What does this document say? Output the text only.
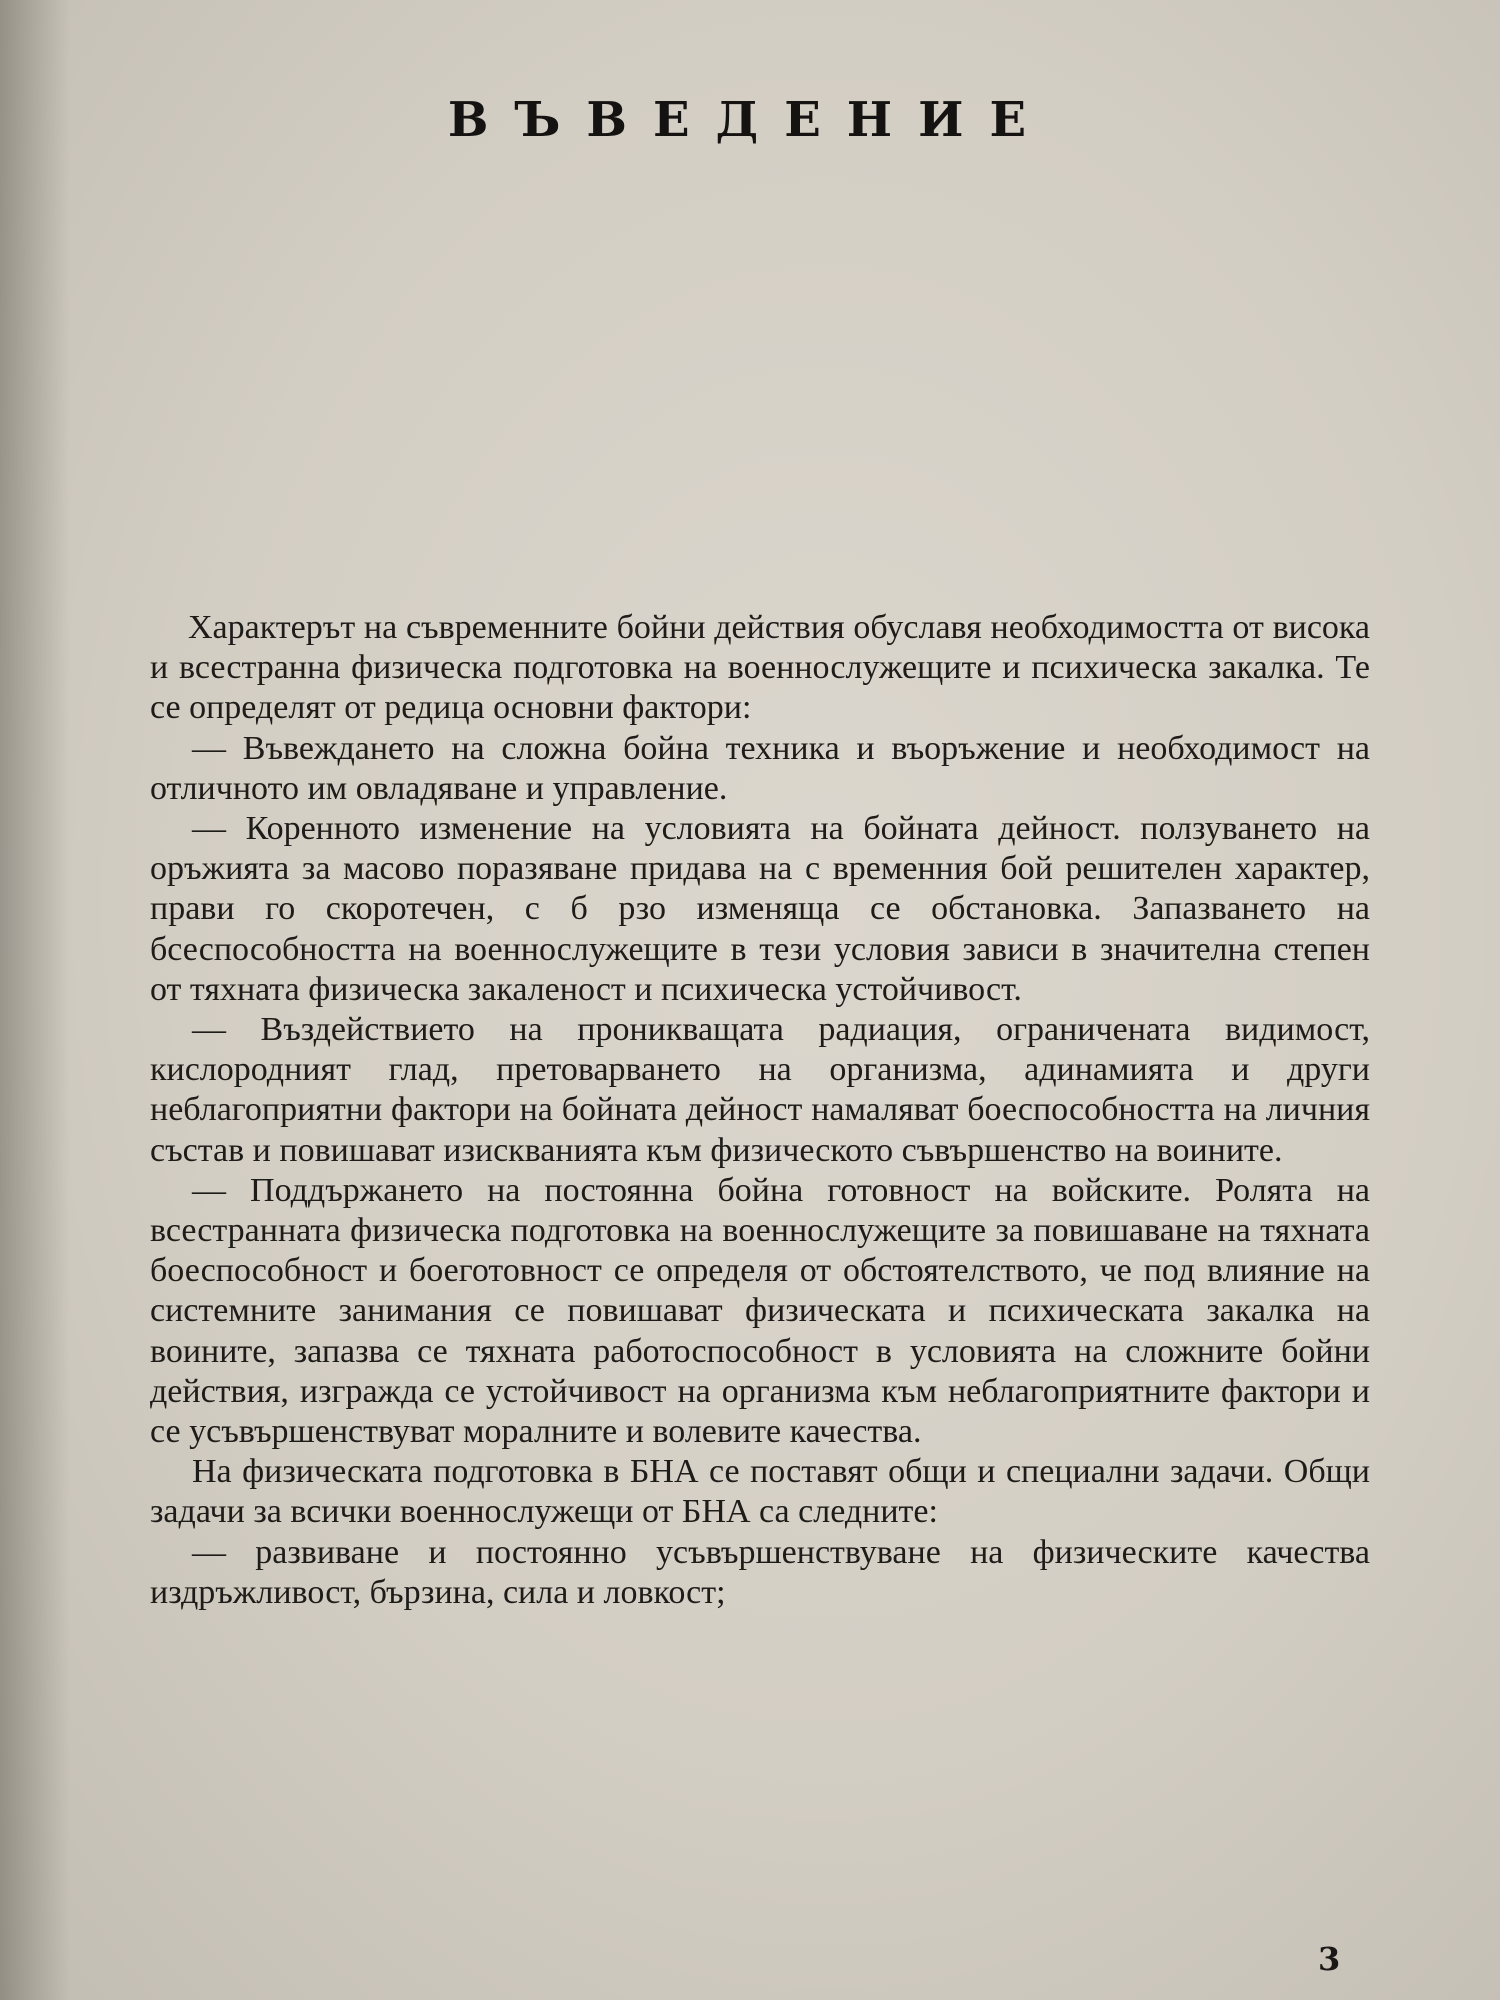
ВЪВЕДЕНИЕ

Характерът на съвременните бойни действия обуславя необходимостта от висока и всестранна физическа подготовка на военнослужещите и психическа закалка. Те се определят от редица основни фактори:

— Въвеждането на сложна бойна техника и въоръжение и необходимост на отличното им овладяване и управление.

— Коренното изменение на условията на бойната дейност. ползуването на оръжията за масово поразяване придава на с временния бой решителен характер, прави го скоротечен, с б рзо изменяща се обстановка. Запазването на бсеспособността на военнослужещите в тези условия зависи в значителна степен от тяхната физическа закаленост и психическа устойчивост.

— Въздействието на проникващата радиация, ограничената видимост, кислородният глад, претоварването на организма, адинамията и други неблагоприятни фактори на бойната дейност намаляват боеспособността на личния състав и повишават изискванията към физическото съвършенство на воините.

— Поддържането на постоянна бойна готовност на войските. Ролята на всестранната физическа подготовка на военнослужещите за повишаване на тяхната боеспособност и боеготовност се определя от обстоятелството, че под влияние на системните занимания се повишават физическата и психическата закалка на воините, запазва се тяхната работоспособност в условията на сложните бойни действия, изгражда се устойчивост на организма към неблагоприятните фактори и се усъвършенствуват моралните и волевите качества.

На физическата подготовка в БНА се поставят общи и специални задачи. Общи задачи за всички военнослужещи от БНА са следните:

— развиване и постоянно усъвършенствуване на физическите качества издръжливост, бързина, сила и ловкост;

3
